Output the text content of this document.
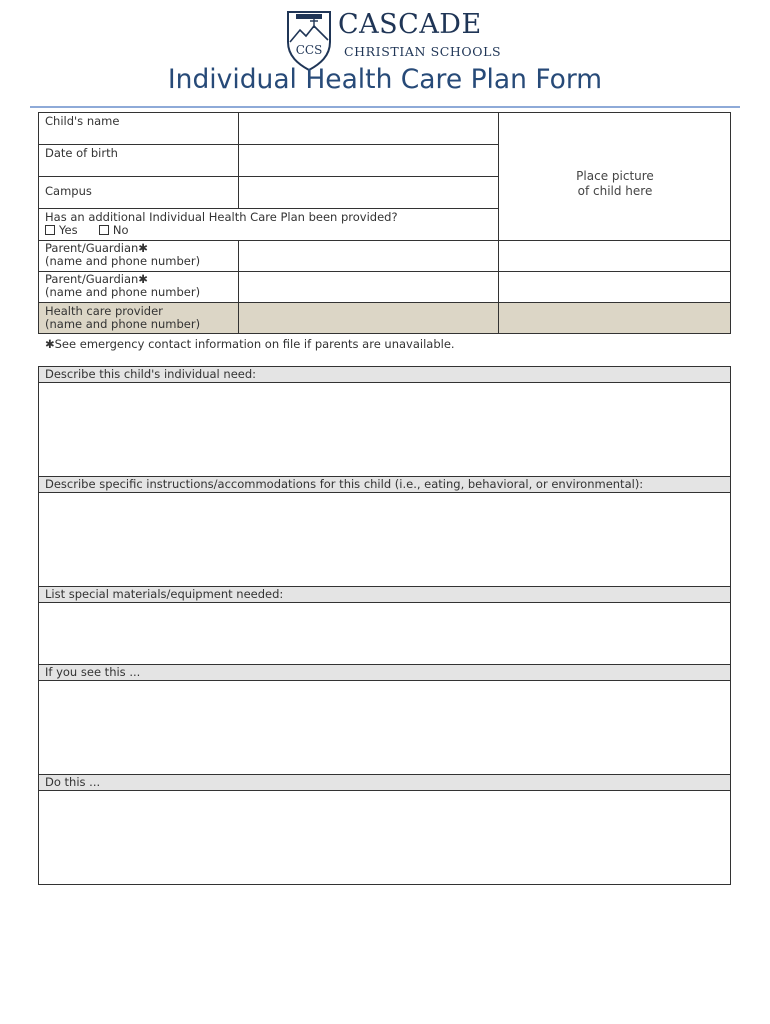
CCS
CASCADE
CHRISTIAN SCHOOLS
Individual Health Care Plan Form
Child's name
Date of birth
Campus
Has an additional Individual Health Care Plan been provided?
Yes	No
Parent/Guardian✱
(name and phone number)
Parent/Guardian✱
(name and phone number)
Health care provider
(name and phone number)
Place picture
of child here
✱See emergency contact information on file if parents are unavailable.
Describe this child's individual need:
Describe specific instructions/accommodations for this child (i.e., eating, behavioral, or environmental):
List special materials/equipment needed:
If you see this ...
Do this ...
